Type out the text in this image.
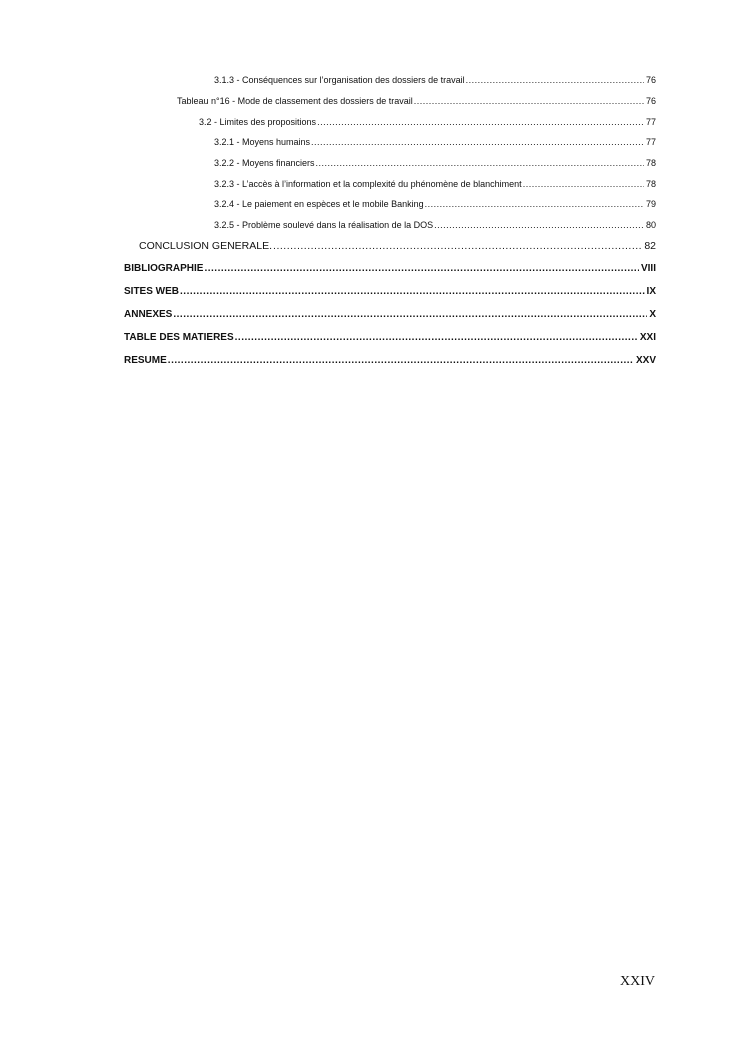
3.1.3 - Conséquences sur l’organisation des dossiers de travail .....	76
Tableau n°16 - Mode de classement des dossiers de travail .....	76
3.2 - Limites des propositions .....	77
3.2.1 - Moyens humains .....	77
3.2.2 - Moyens financiers .....	78
3.2.3 - L’accès à l’information et la complexité du phénomène de blanchiment .....	78
3.2.4 - Le paiement en espèces et le mobile Banking .....	79
3.2.5 - Problème soulevé dans la réalisation de la DOS .....	80
CONCLUSION GENERALE. .....	82
BIBLIOGRAPHIE .....	VIII
SITES WEB .....	IX
ANNEXES .....	X
TABLE DES MATIERES .....	XXI
RESUME .....	XXV
XXIV
